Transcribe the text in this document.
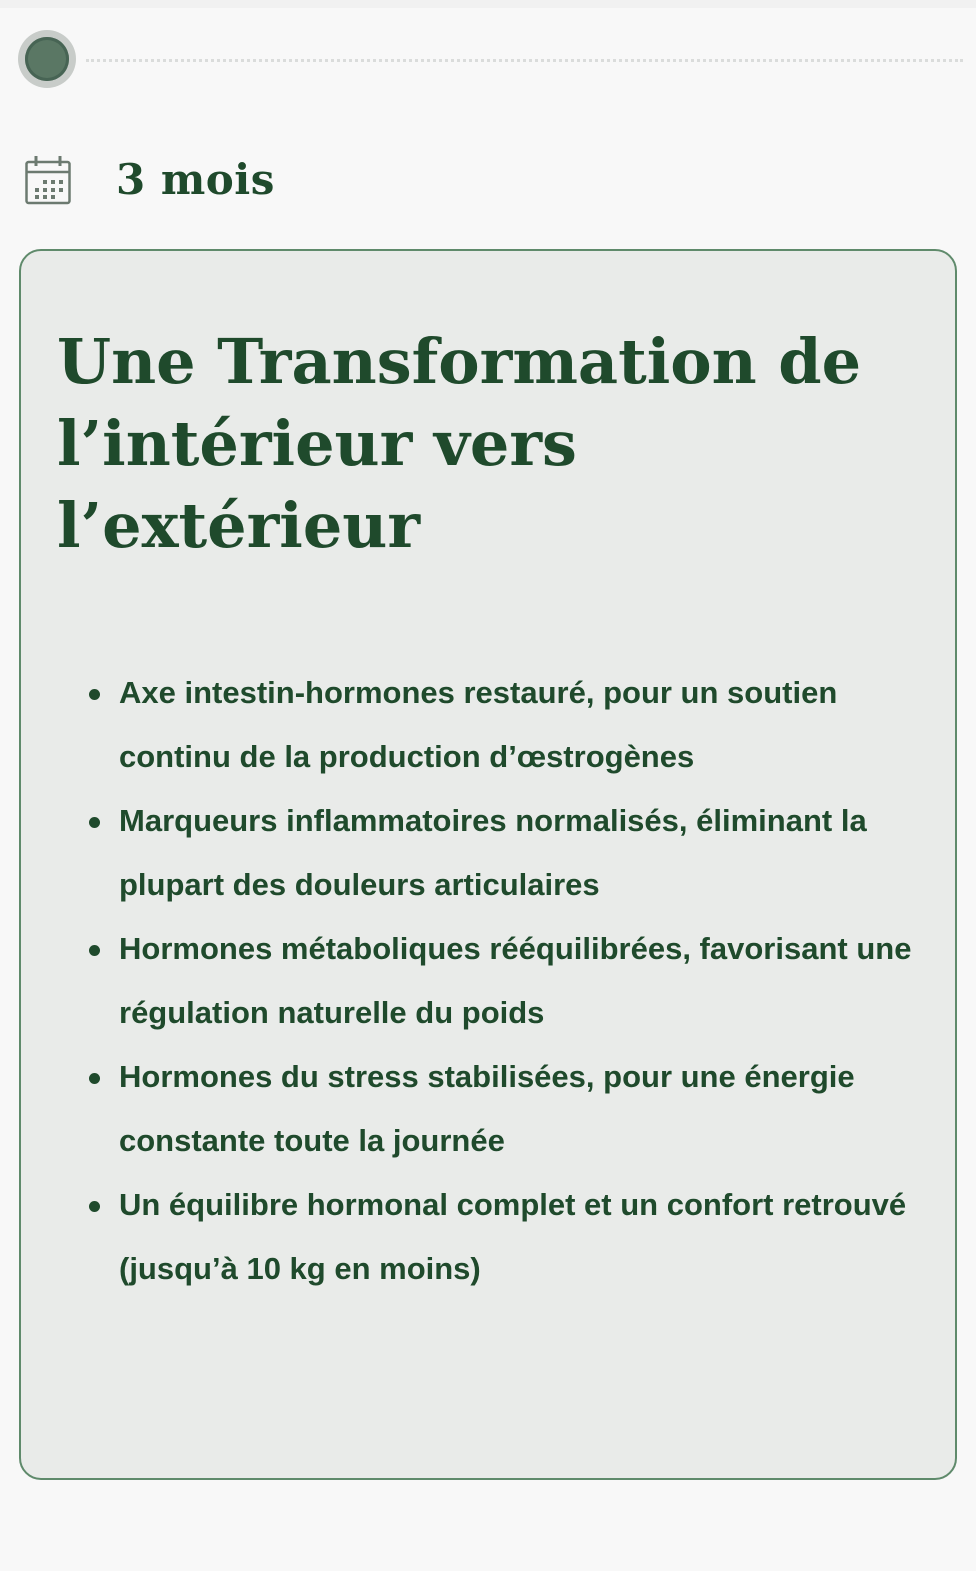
3 mois
Une Transformation de l’intérieur vers l’extérieur
Axe intestin-hormones restauré, pour un soutien continu de la production d’œstrogènes
Marqueurs inflammatoires normalisés, éliminant la plupart des douleurs articulaires
Hormones métaboliques rééquilibrées, favorisant une régulation naturelle du poids
Hormones du stress stabilisées, pour une énergie constante toute la journée
Un équilibre hormonal complet et un confort retrouvé (jusqu’à 10 kg en moins)
